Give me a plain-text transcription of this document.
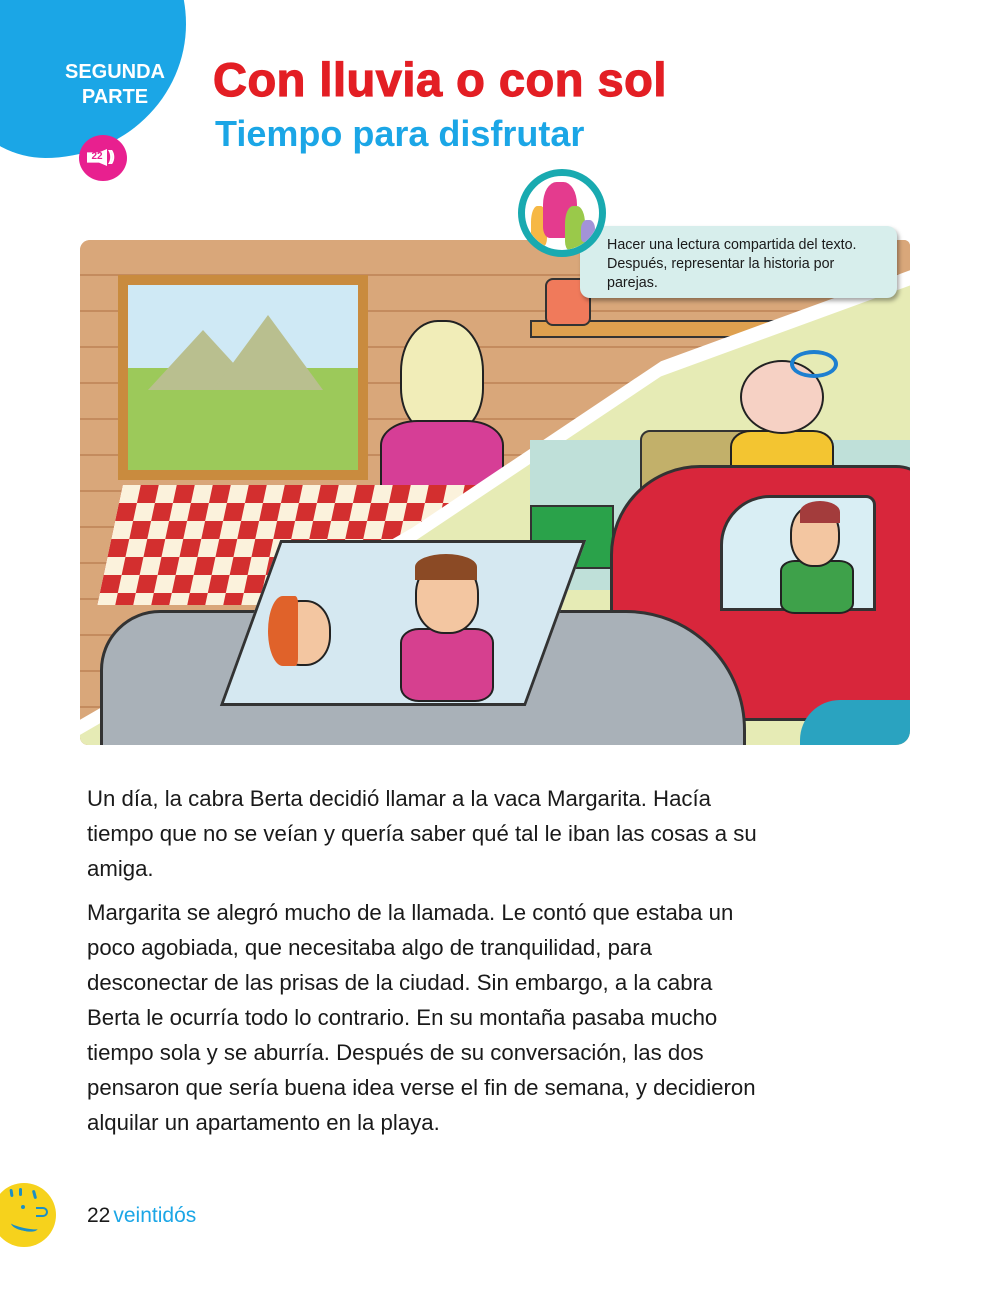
SEGUNDA
PARTE
22 ))
Con lluvia o con sol
Tiempo para disfrutar
Hacer una lectura compartida del texto. Después, representar la historia por parejas.

Un día, la cabra Berta decidió llamar a la vaca Margarita. Hacía tiempo que no se veían y quería saber qué tal le iban las cosas a su amiga.

Margarita se alegró mucho de la llamada. Le contó que estaba un poco agobiada, que necesitaba algo de tranquilidad, para desconectar de las prisas de la ciudad. Sin embargo, a la cabra Berta le ocurría todo lo contrario. En su montaña pasaba mucho tiempo sola y se aburría. Después de su conversación, las dos pensaron que sería buena idea verse el fin de semana, y decidieron alquilar un apartamento en la playa.

22 veintidós
